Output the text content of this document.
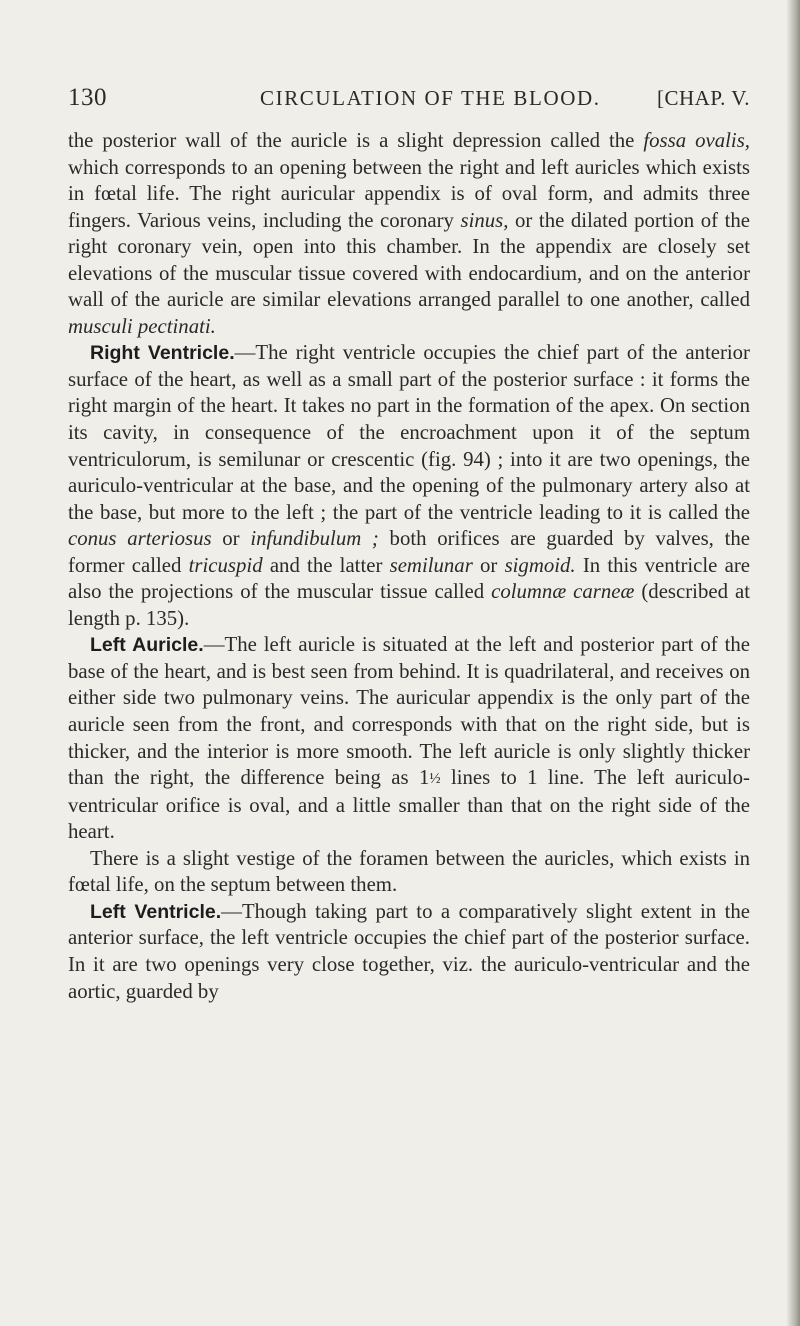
130	CIRCULATION OF THE BLOOD.	[CHAP. V.

the posterior wall of the auricle is a slight depression called the fossa ovalis, which corresponds to an opening between the right and left auricles which exists in fœtal life. The right auricular appendix is of oval form, and admits three fingers. Various veins, including the coronary sinus, or the dilated portion of the right coronary vein, open into this chamber. In the appendix are closely set elevations of the muscular tissue covered with endocardium, and on the anterior wall of the auricle are similar elevations arranged parallel to one another, called musculi pectinati.

Right Ventricle.—The right ventricle occupies the chief part of the anterior surface of the heart, as well as a small part of the posterior surface : it forms the right margin of the heart. It takes no part in the formation of the apex. On section its cavity, in consequence of the encroachment upon it of the septum ventriculorum, is semilunar or crescentic (fig. 94) ; into it are two openings, the auriculo-ventricular at the base, and the opening of the pulmonary artery also at the base, but more to the left ; the part of the ventricle leading to it is called the conus arteriosus or infundibulum ; both orifices are guarded by valves, the former called tricuspid and the latter semilunar or sigmoid. In this ventricle are also the projections of the muscular tissue called columnæ carneæ (described at length p. 135).

Left Auricle.—The left auricle is situated at the left and posterior part of the base of the heart, and is best seen from behind. It is quadrilateral, and receives on either side two pulmonary veins. The auricular appendix is the only part of the auricle seen from the front, and corresponds with that on the right side, but is thicker, and the interior is more smooth. The left auricle is only slightly thicker than the right, the difference being as 1½ lines to 1 line. The left auriculo-ventricular orifice is oval, and a little smaller than that on the right side of the heart.

There is a slight vestige of the foramen between the auricles, which exists in fœtal life, on the septum between them.

Left Ventricle.—Though taking part to a comparatively slight extent in the anterior surface, the left ventricle occupies the chief part of the posterior surface. In it are two openings very close together, viz. the auriculo-ventricular and the aortic, guarded by
